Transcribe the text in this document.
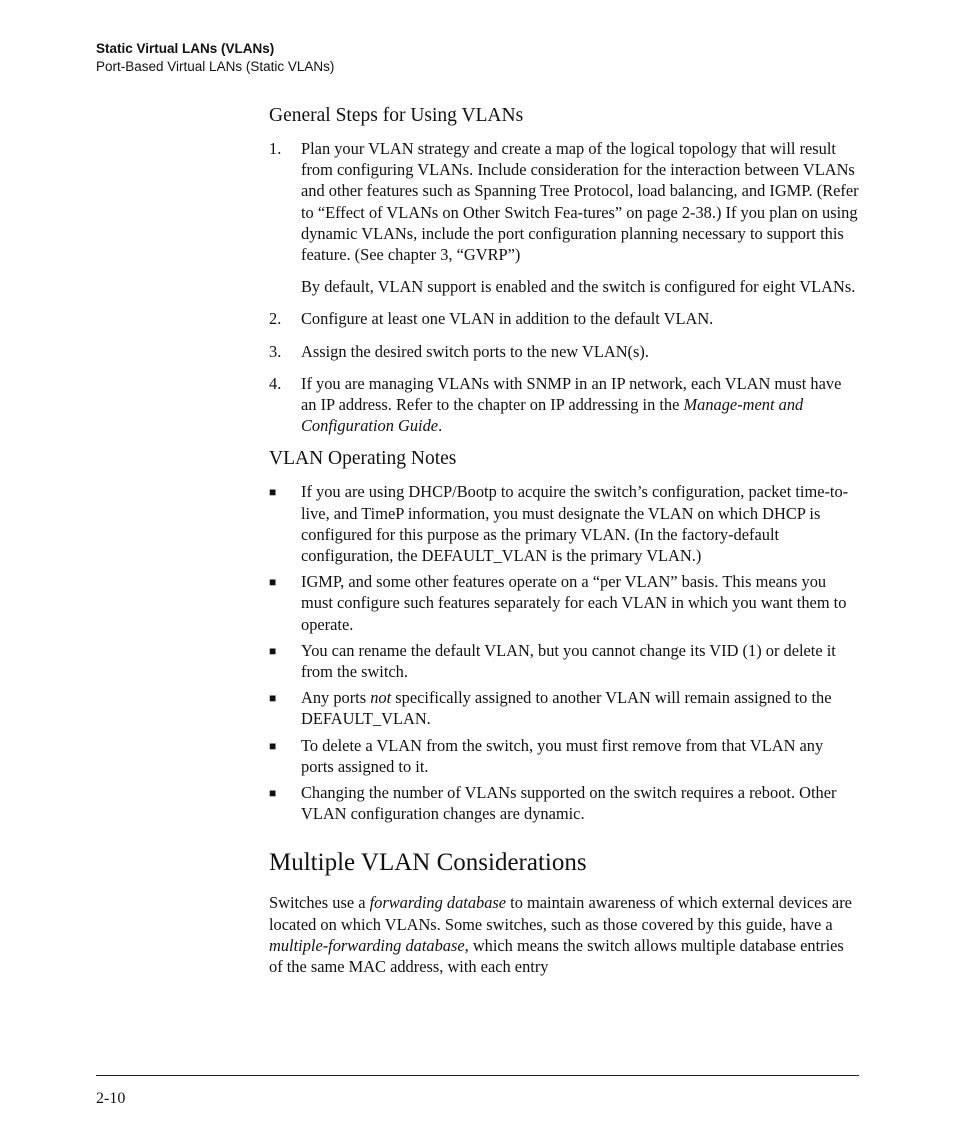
Static Virtual LANs (VLANs)
Port-Based Virtual LANs (Static VLANs)
General Steps for Using VLANs
1. Plan your VLAN strategy and create a map of the logical topology that will result from configuring VLANs. Include consideration for the interaction between VLANs and other features such as Spanning Tree Protocol, load balancing, and IGMP. (Refer to “Effect of VLANs on Other Switch Fea-tures” on page 2-38.) If you plan on using dynamic VLANs, include the port configuration planning necessary to support this feature. (See chapter 3, “GVRP”)

By default, VLAN support is enabled and the switch is configured for eight VLANs.

2. Configure at least one VLAN in addition to the default VLAN.
3. Assign the desired switch ports to the new VLAN(s).
4. If you are managing VLANs with SNMP in an IP network, each VLAN must have an IP address. Refer to the chapter on IP addressing in the Manage-ment and Configuration Guide.
VLAN Operating Notes
■ If you are using DHCP/Bootp to acquire the switch’s configuration, packet time-to-live, and TimeP information, you must designate the VLAN on which DHCP is configured for this purpose as the primary VLAN. (In the factory-default configuration, the DEFAULT_VLAN is the primary VLAN.)
■ IGMP, and some other features operate on a “per VLAN” basis. This means you must configure such features separately for each VLAN in which you want them to operate.
■ You can rename the default VLAN, but you cannot change its VID (1) or delete it from the switch.
■ Any ports not specifically assigned to another VLAN will remain assigned to the DEFAULT_VLAN.
■ To delete a VLAN from the switch, you must first remove from that VLAN any ports assigned to it.
■ Changing the number of VLANs supported on the switch requires a reboot. Other VLAN configuration changes are dynamic.
Multiple VLAN Considerations

Switches use a forwarding database to maintain awareness of which external devices are located on which VLANs. Some switches, such as those covered by this guide, have a multiple-forwarding database, which means the switch allows multiple database entries of the same MAC address, with each entry

2-10
